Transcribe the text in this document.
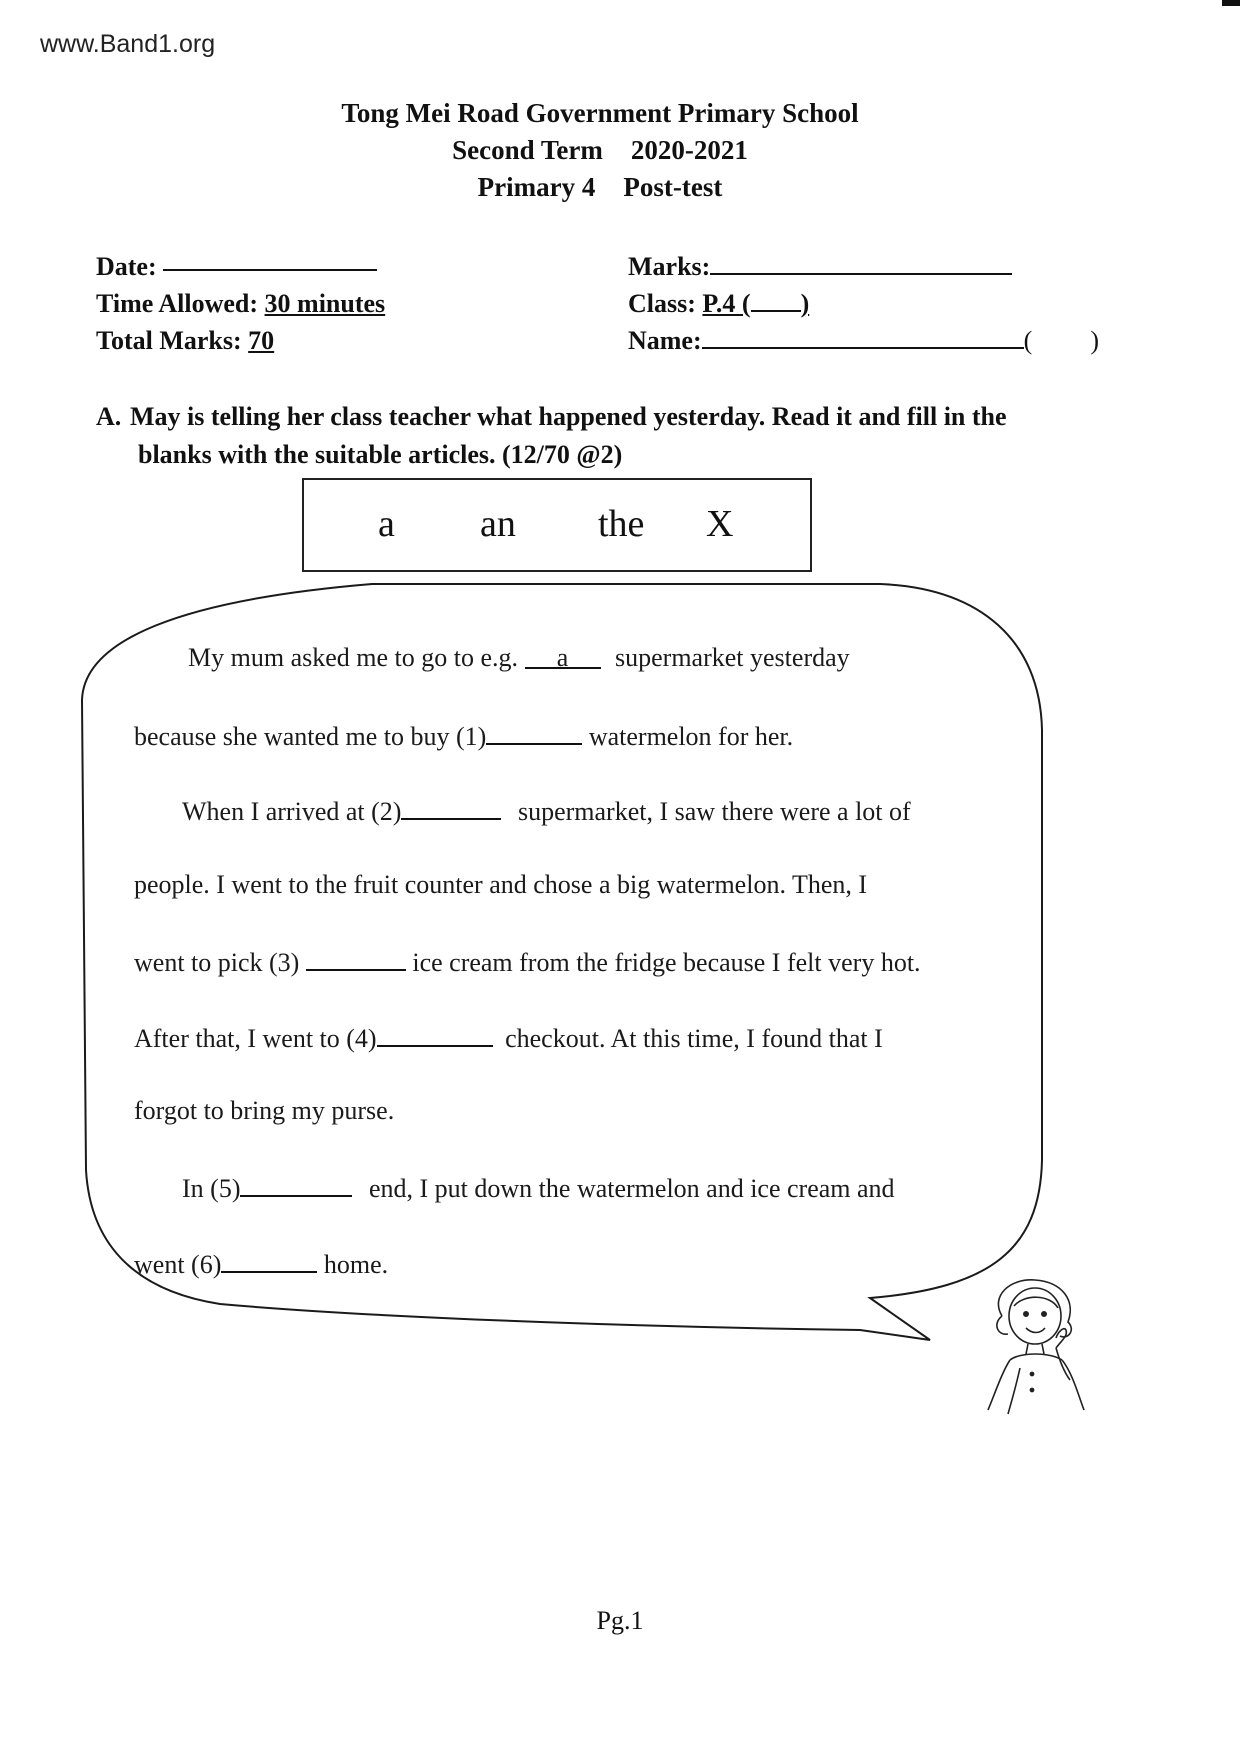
www.Band1.org
Tong Mei Road Government Primary School
Second Term 2020-2021
Primary 4 Post-test
Date:
Time Allowed: 30 minutes
Total Marks: 70
Marks:
Class: P.4 ( )
Name:	( )
A. May is telling her class teacher what happened yesterday. Read it and fill in the
blanks with the suitable articles. (12/70 @2)
a an the X
My mum asked me to go to e.g. a supermarket yesterday
because she wanted me to buy (1)	watermelon for her.
When I arrived at (2)	supermarket, I saw there were a lot of
people. I went to the fruit counter and chose a big watermelon. Then, I
went to pick (3)	ice cream from the fridge because I felt very hot.
After that, I went to (4)	checkout. At this time, I found that I
forgot to bring my purse.
In (5)	end, I put down the watermelon and ice cream and
went (6)	home.
Pg.1
